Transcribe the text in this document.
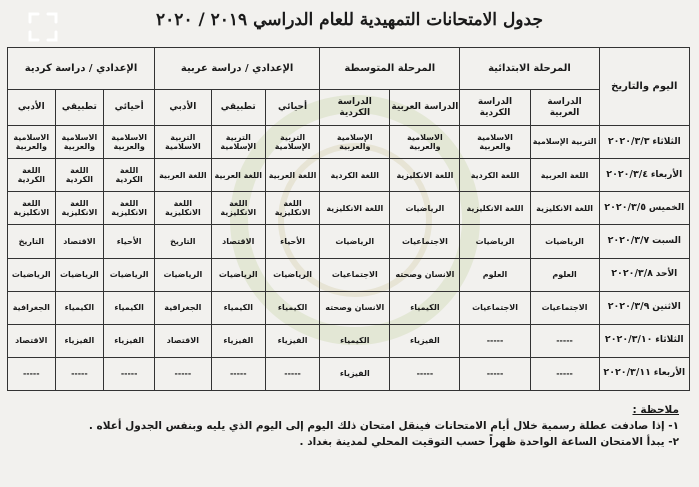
جدول الامتحانات التمهيدية للعام الدراسي ٢٠١٩ / ٢٠٢٠
اليوم والتاريخ	المرحلة الابتدائية		المرحلة المتوسطة		الإعدادي / دراسة عربية			الإعدادي / دراسة كردية		
	الدراسة العربية	الدراسة الكردية	الدراسة العربية	الدراسة الكردية	أحيائي	تطبيقي	الأدبي	أحيائي	تطبيقي	الأدبي
الثلاثاء ٢٠٢٠/٣/٣	التربية الإسلامية	الاسلامية والعربية	الاسلامية والعربية	الإسلامية والعربية	التربية الإسلامية	التربية الإسلامية	التربية الاسلامية	الاسلامية والعربية	الاسلامية والعربية	الاسلامية والعربية
الأربعاء ٢٠٢٠/٣/٤	اللغة العربية	اللغة الكردية	اللغة الانكليزية	اللغة الكردية	اللغة العربية	اللغة العربية	اللغة العربية	اللغة الكردية	اللغة الكردية	اللغة الكردية
الخميس ٢٠٢٠/٣/٥	اللغة الانكليزية	اللغة الانكليزية	الرياضيات	اللغة الانكليزية	اللغة الانكليزية	اللغة الانكليزية	اللغة الانكليزية	اللغة الانكليزية	اللغة الانكليزية	اللغة الانكليزية
السبت ٢٠٢٠/٣/٧	الرياضيات	الرياضيات	الاجتماعيات	الرياضيات	الأحياء	الاقتصاد	التاريخ	الأحياء	الاقتصاد	التاريخ
الأحد ٢٠٢٠/٣/٨	العلوم	العلوم	الانسان وصحته	الاجتماعيات	الرياضيات	الرياضيات	الرياضيات	الرياضيات	الرياضيات	الرياضيات
الاثنين ٢٠٢٠/٣/٩	الاجتماعيات	الاجتماعيات	الكيمياء	الانسان وصحته	الكيمياء	الكيمياء	الجغرافية	الكيمياء	الكيمياء	الجغرافية
الثلاثاء ٢٠٢٠/٣/١٠	-----	-----	الفيزياء	الكيمياء	الفيزياء	الفيزياء	الاقتصاد	الفيزياء	الفيزياء	الاقتصاد
الأربعاء ٢٠٢٠/٣/١١	-----	-----	-----	الفيزياء	-----	-----	-----	-----	-----	-----
ملاحظة :
١- إذا صادفت عطلة رسمية خلال أيام الامتحانات فينقل امتحان ذلك اليوم إلى اليوم الذي يليه وبنفس الجدول أعلاه .
٢- يبدأ الامتحان الساعة الواحدة ظهراً حسب التوقيت المحلي لمدينة بغداد .
